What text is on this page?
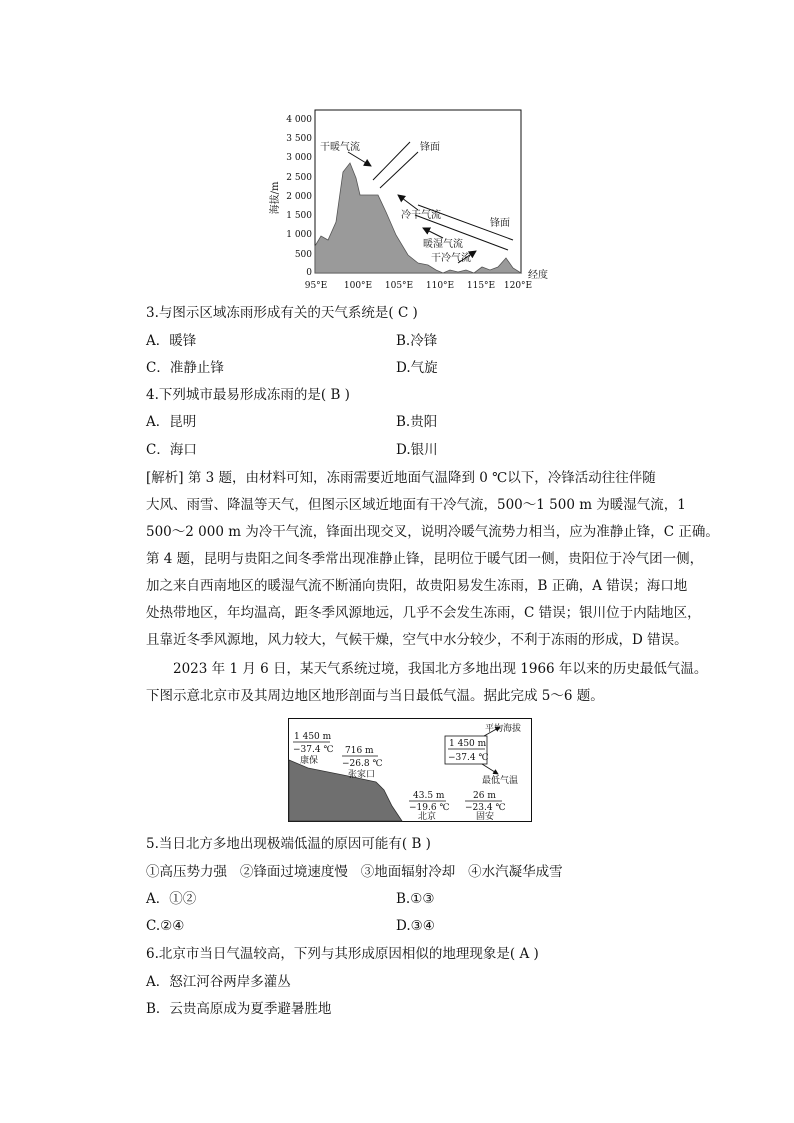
海拔/m
4 000
3 500
3 000
2 500
2 000
1 500
1 000
500
0
95°E 100°E 105°E 110°E 115°E 120°E
经度
干暖气流	锋面
冷干气流
锋面
暖湿气流
干冷气流
3.与图示区域冻雨形成有关的天气系统是( C )
A．暖锋	B.冷锋
C．准静止锋	D.气旋
4.下列城市最易形成冻雨的是( B )
A．昆明	B.贵阳
C．海口	D.银川

[解析] 第 3 题，由材料可知，冻雨需要近地面气温降到 0 ℃以下，冷锋活动往往伴随

大风、雨雪、降温等天气，但图示区域近地面有干冷气流，500～1 500 m 为暖湿气流，1

500～2 000 m 为冷干气流，锋面出现交叉，说明冷暖气流势力相当，应为准静止锋，C 正确。

第 4 题，昆明与贵阳之间冬季常出现准静止锋，昆明位于暖气团一侧，贵阳位于冷气团一侧，

加之来自西南地区的暖湿气流不断涌向贵阳，故贵阳易发生冻雨，B 正确，A 错误；海口地

处热带地区，年均温高，距冬季风源地远，几乎不会发生冻雨，C 错误；银川位于内陆地区，

且靠近冬季风源地，风力较大，气候干燥，空气中水分较少，不利于冻雨的形成，D 错误。

2023 年 1 月 6 日，某天气系统过境，我国北方多地出现 1966 年以来的历史最低气温。

下图示意北京市及其周边地区地形剖面与当日最低气温。据此完成 5～6 题。

1 450 m
−37.4 ℃
康保
716 m
−26.8 ℃
张家口
43.5 m
−19.6 ℃
北京
26 m
−23.4 ℃
固安
1 450 m
−37.4 ℃
平均海拔
最低气温
5.当日北方多地出现极端低温的原因可能有( B )
①高压势力强   ②锋面过境速度慢   ③地面辐射冷却   ④水汽凝华成雪
A．①②	B.①③
C.②④	D.③④
6.北京市当日气温较高，下列与其形成原因相似的地理现象是( A )
A．怒江河谷两岸多灌丛
B．云贵高原成为夏季避暑胜地
